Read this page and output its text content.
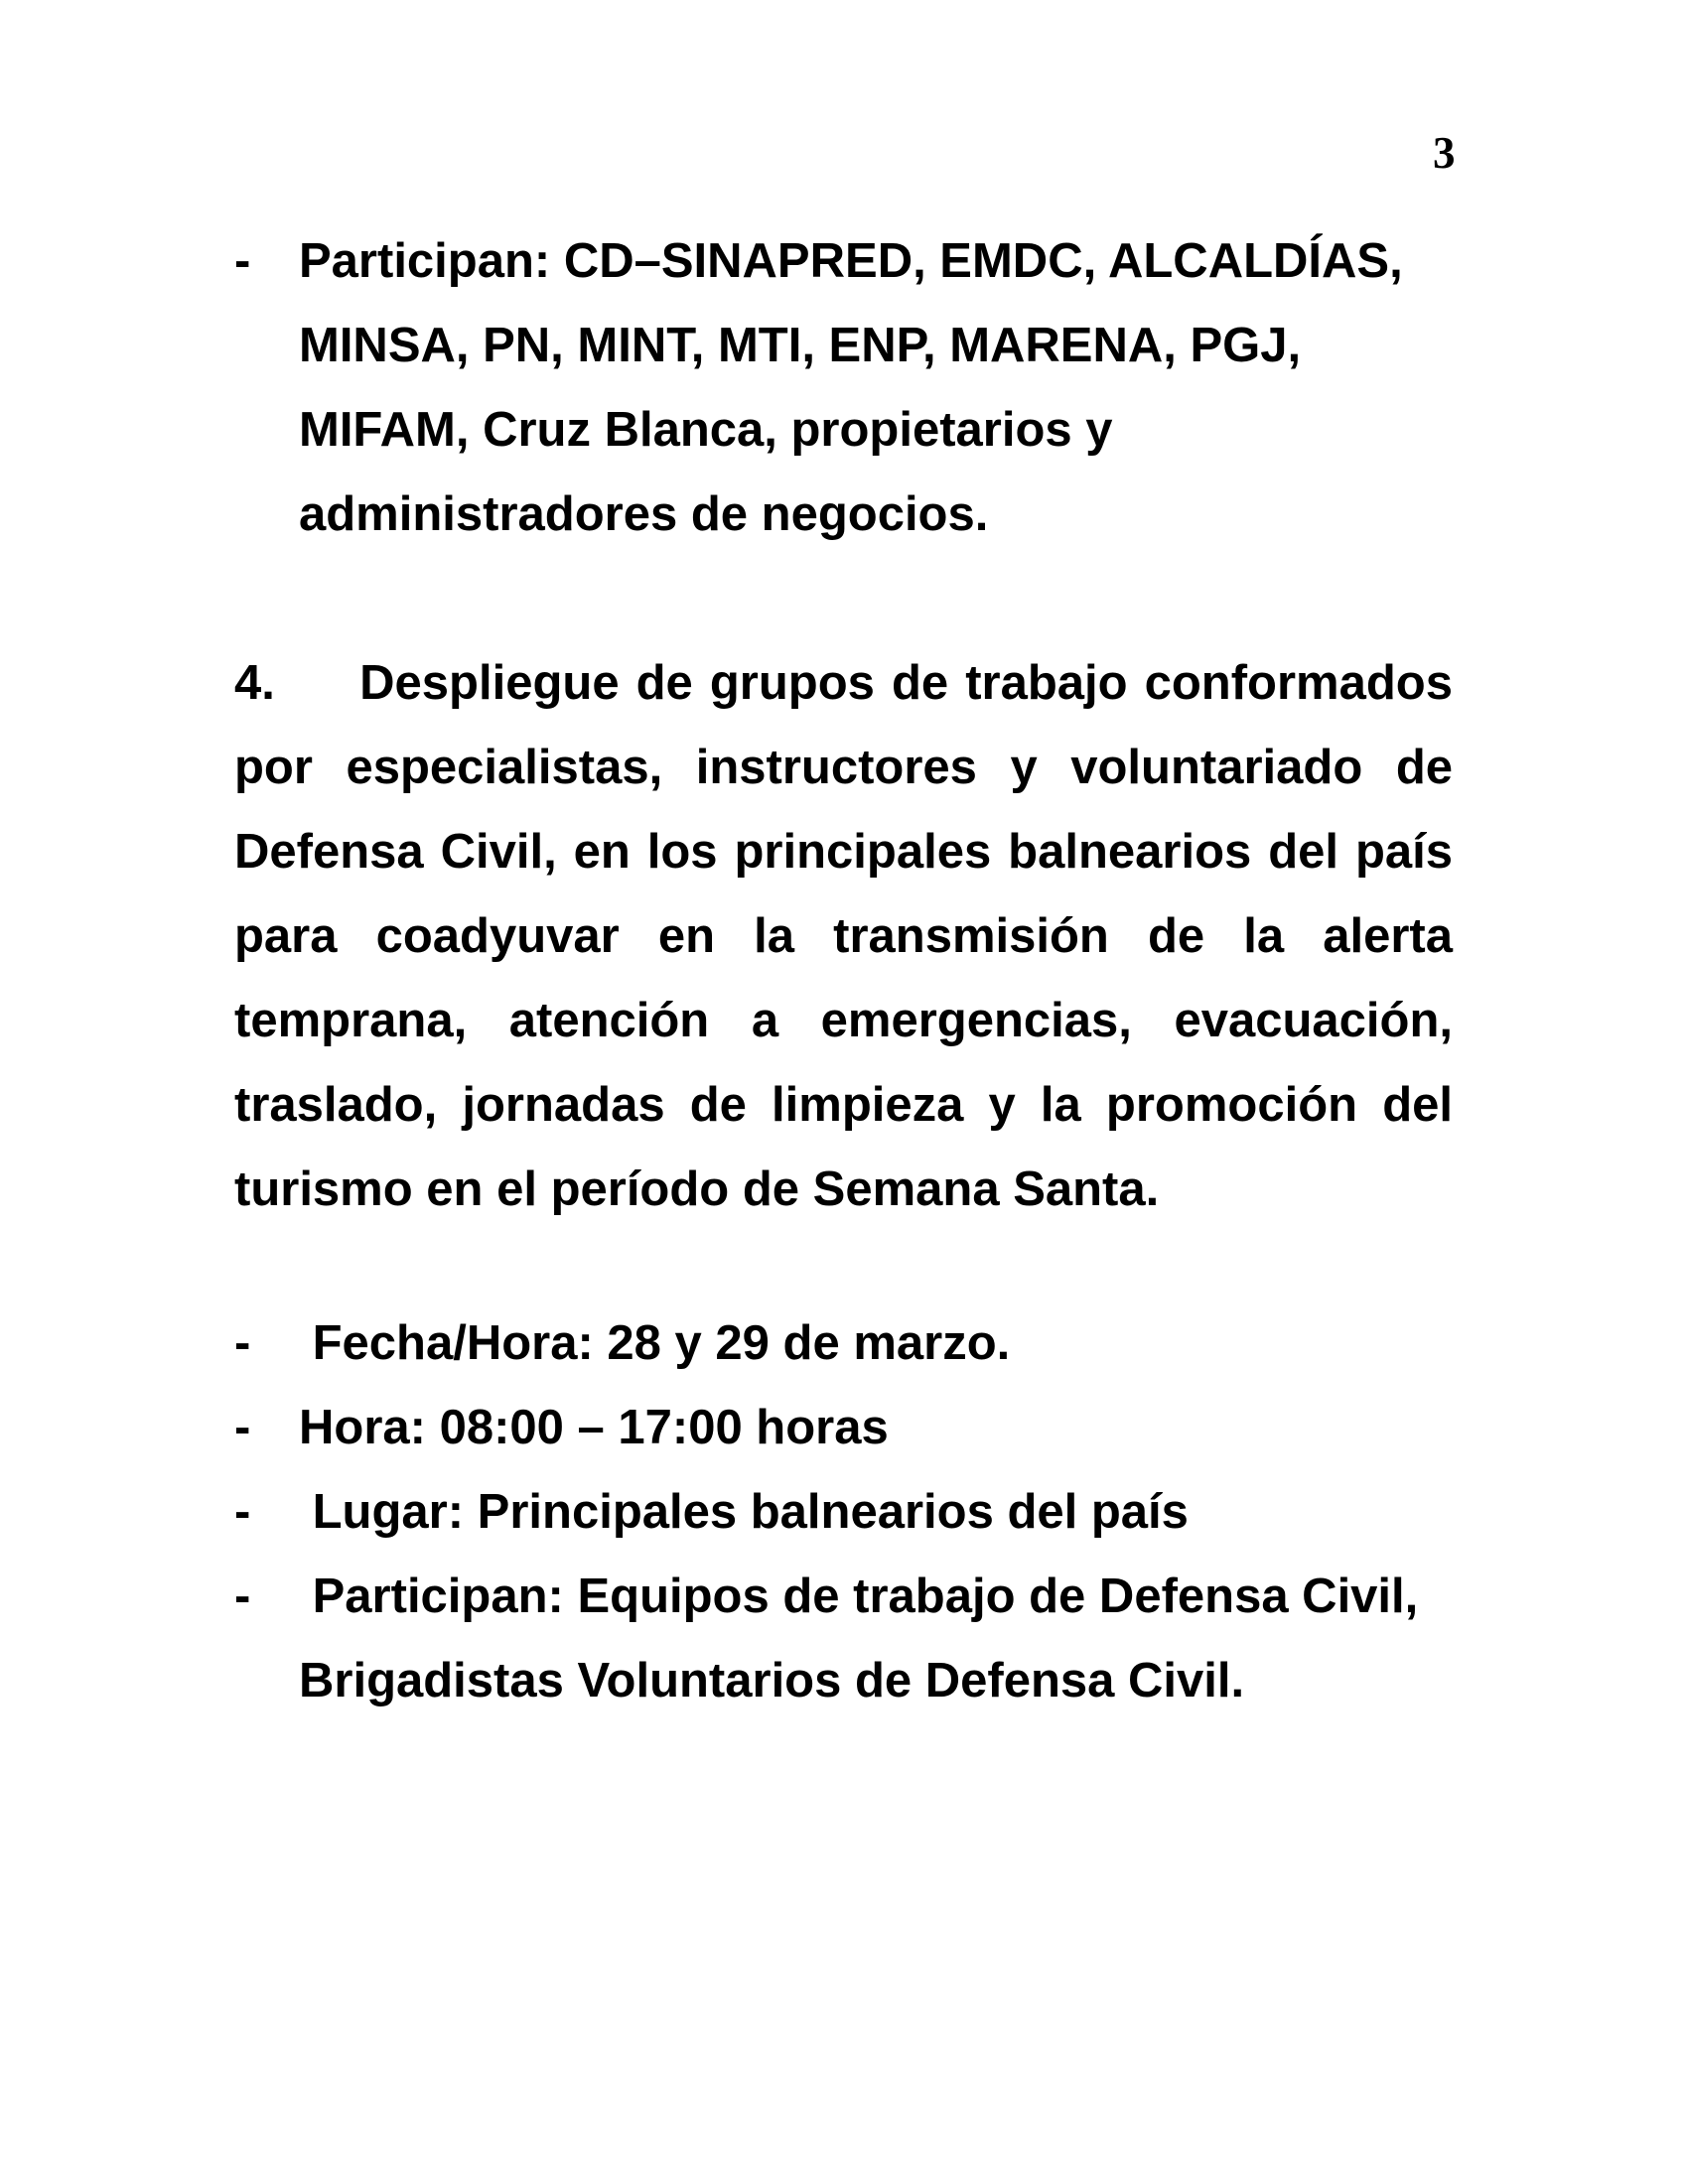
3
- Participan: CD–SINAPRED, EMDC, ALCALDÍAS,
MINSA, PN, MINT, MTI, ENP, MARENA, PGJ,
MIFAM, Cruz Blanca, propietarios y
administradores de negocios.
4.     Despliegue de grupos de trabajo conformados
por especialistas, instructores y voluntariado de
Defensa Civil, en los principales balnearios del país
para coadyuvar en la transmisión de la alerta
temprana, atención a emergencias, evacuación,
traslado, jornadas de limpieza y la promoción del
turismo en el período de Semana Santa.
- Fecha/Hora: 28 y 29 de marzo.
- Hora: 08:00 – 17:00 horas
- Lugar: Principales balnearios del país
- Participan: Equipos de trabajo de Defensa Civil,
Brigadistas Voluntarios de Defensa Civil.
